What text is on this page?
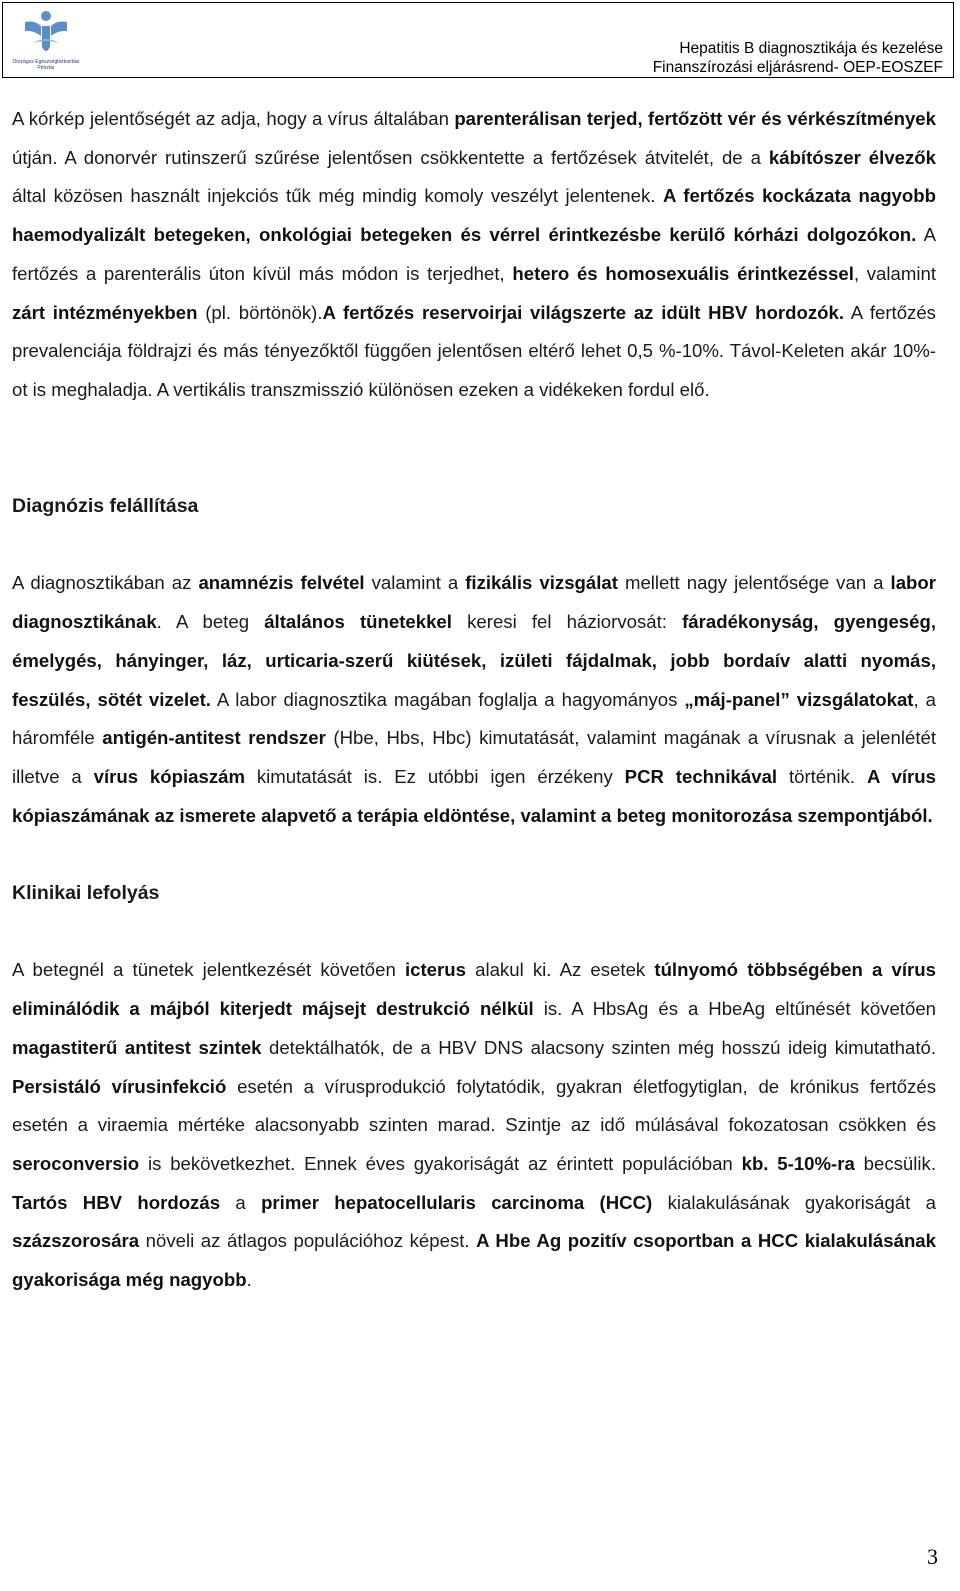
Országos Egészségbiztosítási Pénztár
Hepatitis B diagnosztikája és kezelése
Finanszírozási eljárásrend- OEP-EOSZEF

A kórkép jelentőségét az adja, hogy a vírus általában parenterálisan terjed, fertőzött vér és vérkészítmények útján. A donorvér rutinszerű szűrése jelentősen csökkentette a fertőzések átvitelét, de a kábítószer élvezők által közösen használt injekciós tűk még mindig komoly veszélyt jelentenek. A fertőzés kockázata nagyobb haemodyalizált betegeken, onkológiai betegeken és vérrel érintkezésbe kerülő kórházi dolgozókon. A fertőzés a parenterális úton kívül más módon is terjedhet, hetero és homosexuális érintkezéssel, valamint zárt intézményekben (pl. börtönök).A fertőzés reservoirjai világszerte az idült HBV hordozók. A fertőzés prevalenciája földrajzi és más tényezőktől függően jelentősen eltérő lehet 0,5 %-10%. Távol-Keleten akár 10%-ot is meghaladja. A vertikális transzmisszió különösen ezeken a vidékeken fordul elő.

Diagnózis felállítása

A diagnosztikában az anamnézis felvétel valamint a fizikális vizsgálat mellett nagy jelentősége van a labor diagnosztikának. A beteg általános tünetekkel keresi fel háziorvosát: fáradékonyság, gyengeség, émelygés, hányinger, láz, urticaria-szerű kiütések, izületi fájdalmak, jobb bordaív alatti nyomás, feszülés, sötét vizelet. A labor diagnosztika magában foglalja a hagyományos „máj-panel” vizsgálatokat, a háromféle antigén-antitest rendszer (Hbe, Hbs, Hbc) kimutatását, valamint magának a vírusnak a jelenlétét illetve a vírus kópiaszám kimutatását is. Ez utóbbi igen érzékeny PCR technikával történik. A vírus kópiaszámának az ismerete alapvető a terápia eldöntése, valamint a beteg monitorozása szempontjából.

Klinikai lefolyás

A betegnél a tünetek jelentkezését követően icterus alakul ki. Az esetek túlnyomó többségében a vírus eliminálódik a májból kiterjedt májsejt destrukció nélkül is. A HbsAg és a HbeAg eltűnését követően magastiterű antitest szintek detektálhatók, de a HBV DNS alacsony szinten még hosszú ideig kimutatható. Persistáló vírusinfekció esetén a vírusprodukció folytatódik, gyakran életfogytiglan, de krónikus fertőzés esetén a viraemia mértéke alacsonyabb szinten marad. Szintje az idő múlásával fokozatosan csökken és seroconversio is bekövetkezhet. Ennek éves gyakoriságát az érintett populációban kb. 5-10%-ra becsülik. Tartós HBV hordozás a primer hepatocellularis carcinoma (HCC) kialakulásának gyakoriságát a százszorosára növeli az átlagos populációhoz képest. A Hbe Ag pozitív csoportban a HCC kialakulásának gyakorisága még nagyobb.

3
